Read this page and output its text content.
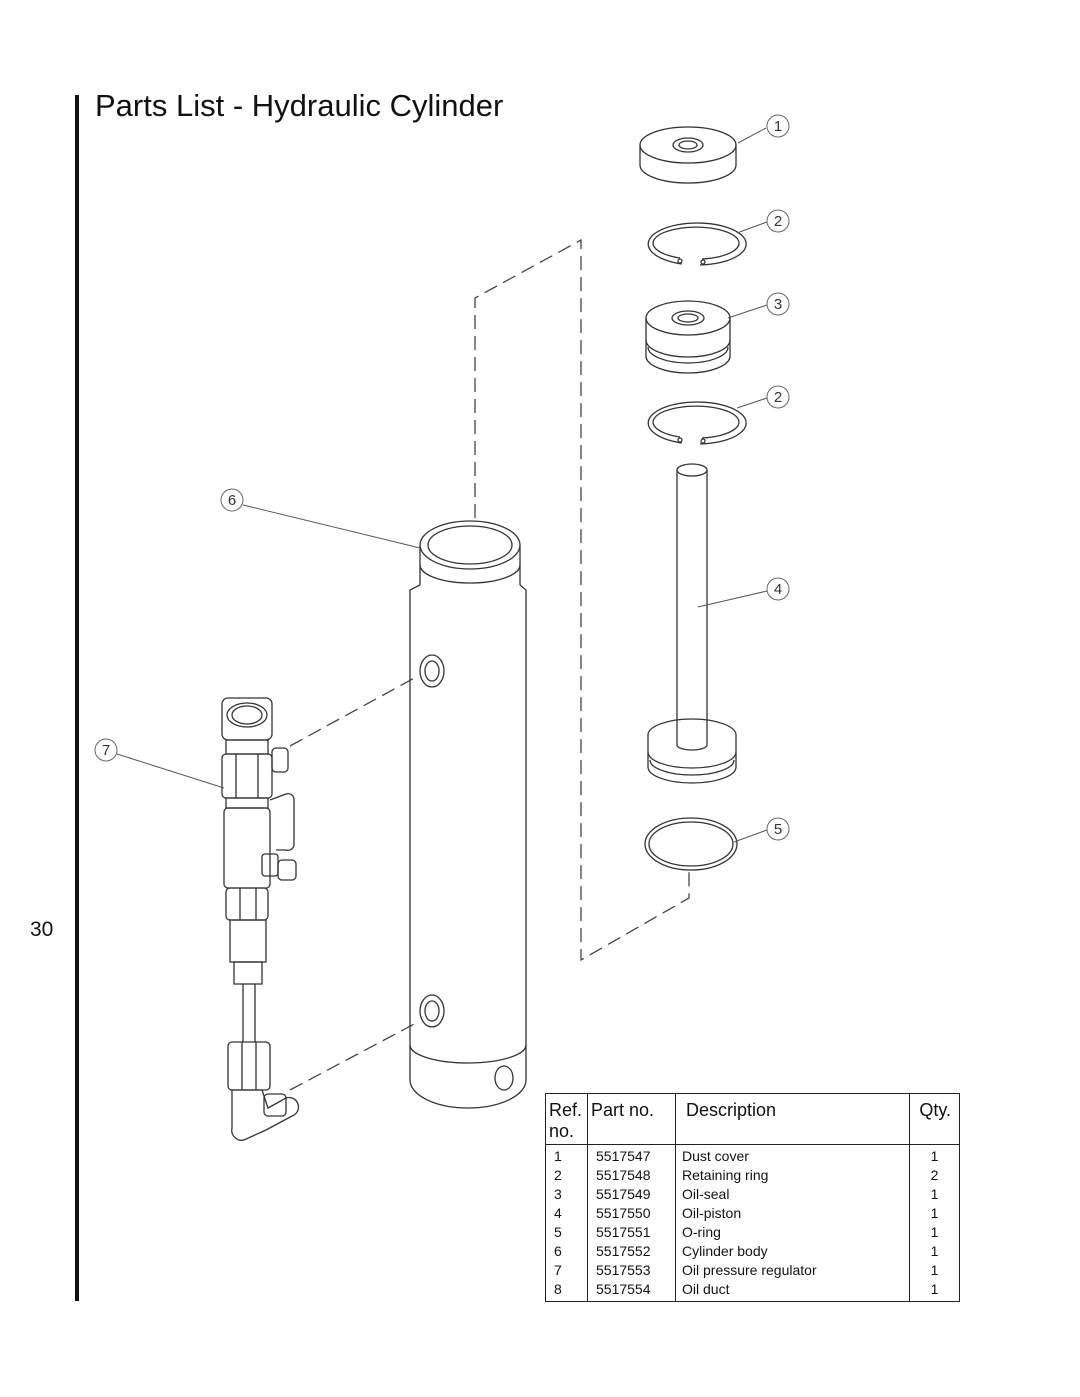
Parts List - Hydraulic Cylinder
30
1
2
3
2
4
5
6
7
Ref. no.	Part no.	Description	Qty.
1	5517547	Dust cover	1
2	5517548	Retaining ring	2
3	5517549	Oil-seal	1
4	5517550	Oil-piston	1
5	5517551	O-ring	1
6	5517552	Cylinder body	1
7	5517553	Oil pressure regulator	1
8	5517554	Oil duct	1
